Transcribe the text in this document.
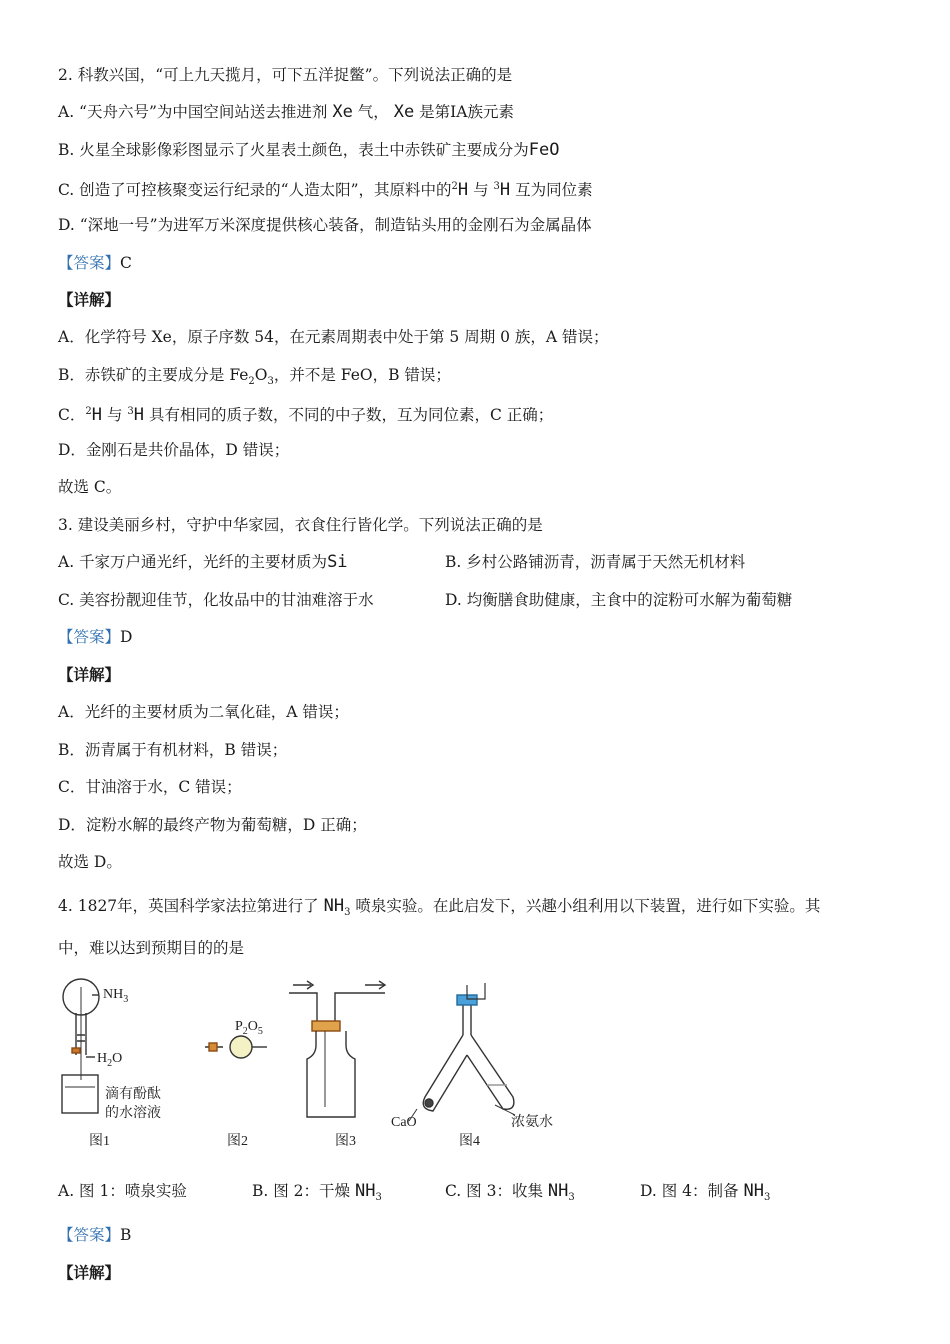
2. 科教兴国，“可上九天揽月，可下五洋捉鳖”。下列说法正确的是
A. “天舟六号”为中国空间站送去推进剂 Xe 气， Xe 是第IA族元素
B. 火星全球影像彩图显示了火星表土颜色，表土中赤铁矿主要成分为FeO
C. 创造了可控核聚变运行纪录的“人造太阳”，其原料中的$^2$H 与 $^3$H 互为同位素
D. “深地一号”为进军万米深度提供核心装备，制造钻头用的金刚石为金属晶体
【答案】C
【详解】
A．化学符号 Xe，原子序数 54，在元素周期表中处于第 5 周期 0 族，A 错误；
B．赤铁矿的主要成分是 $Fe_2O_3$，并不是 FeO，B 错误；
C．$^2$H 与 $^3$H 具有相同的质子数，不同的中子数，互为同位素，C 正确；
D．金刚石是共价晶体，D 错误；
故选 C。
3. 建设美丽乡村，守护中华家园，衣食住行皆化学。下列说法正确的是
A. 千家万户通光纤，光纤的主要材质为Si	B. 乡村公路铺沥青，沥青属于天然无机材料
C. 美容扮靓迎佳节，化妆品中的甘油难溶于水	D. 均衡膳食助健康，主食中的淀粉可水解为葡萄糖
【答案】D
【详解】
A．光纤的主要材质为二氧化硅，A 错误；
B．沥青属于有机材料，B 错误；
C．甘油溶于水，C 错误；
D．淀粉水解的最终产物为葡萄糖，D 正确；
故选 D。
4. 1827年，英国科学家法拉第进行了 $NH_3$ 喷泉实验。在此启发下，兴趣小组利用以下装置，进行如下实验。其
中，难以达到预期目的的是
$NH_3$
$H_2O$
滴有酚酞
的水溶液
图1
$P_2O_5$
图2	图3
CaO	浓氨水
图4
A. 图 1：喷泉实验	B. 图 2：干燥 $NH_3$	C. 图 3：收集 $NH_3$	D. 图 4：制备 $NH_3$
【答案】B
【详解】
